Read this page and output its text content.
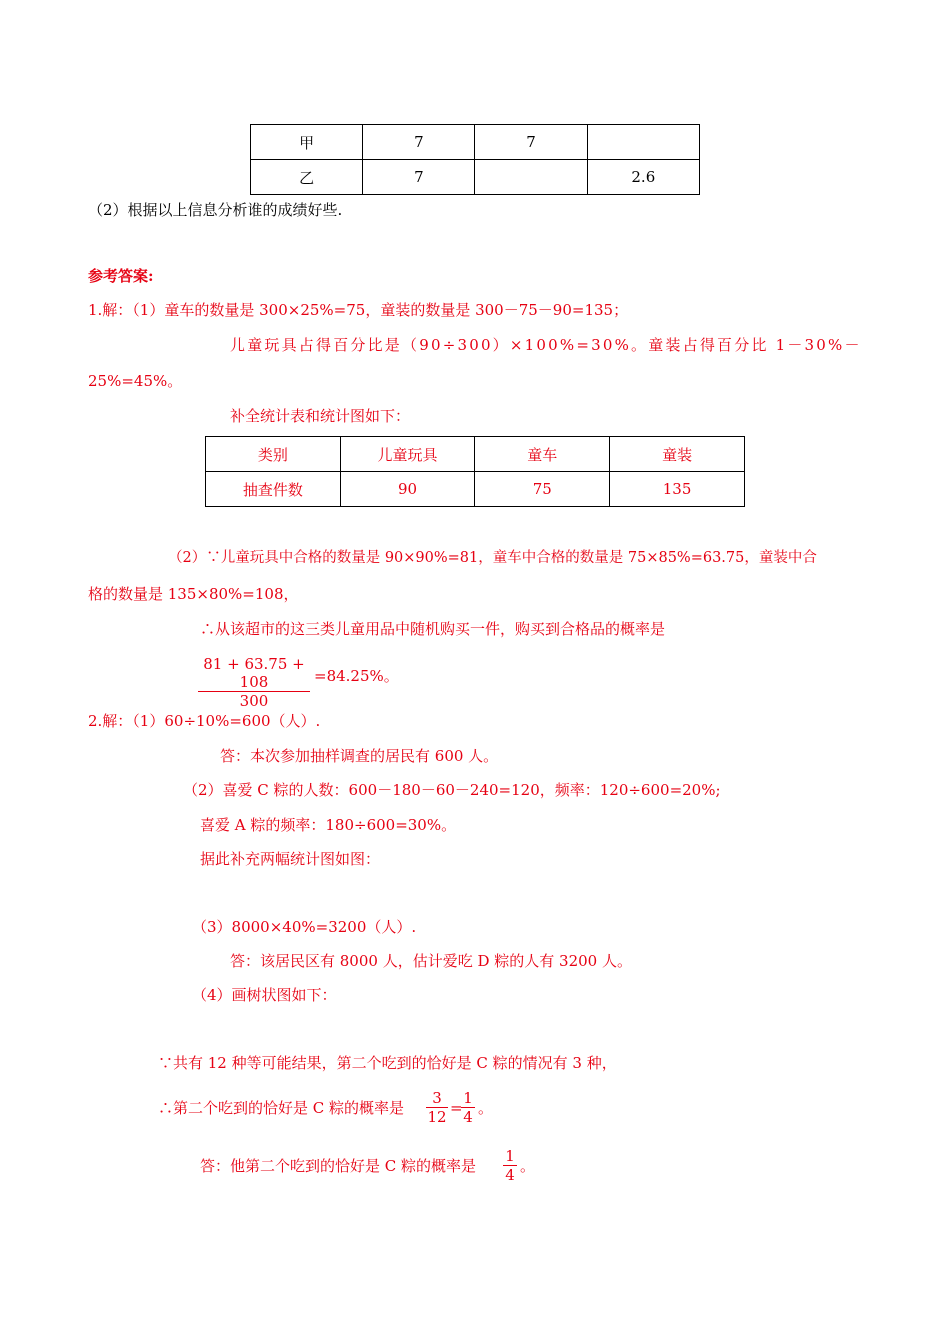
甲	7	7	
乙	7		2.6
（2）根据以上信息分析谁的成绩好些.
参考答案:
1.解：（1）童车的数量是 300×25%=75，童装的数量是 300－75－90=135；
儿童玩具占得百分比是（90÷300）×100%=30%。童装占得百分比 1－30%－
25%=45%。
补全统计表和统计图如下：
类别	儿童玩具	童车	童装
抽查件数	90	75	135
（2）∵儿童玩具中合格的数量是 90×90%=81，童车中合格的数量是 75×85%=63.75，童装中合
格的数量是 135×80%=108，
∴从该超市的这三类儿童用品中随机购买一件，购买到合格品的概率是
81 + 63.75 + 108
300
=84.25%。
2.解：（1）60÷10%=600（人）.
答：本次参加抽样调查的居民有 600 人。
（2）喜爱 C 粽的人数：600－180－60－240=120，频率：120÷600=20%;
喜爱 A 粽的频率：180÷600=30%。
据此补充两幅统计图如图：
（3）8000×40%=3200（人）.
答：该居民区有 8000 人，估计爱吃 D 粽的人有 3200 人。
（4）画树状图如下：
∵共有 12 种等可能结果，第二个吃到的恰好是 C 粽的情况有 3 种，
∴第二个吃到的恰好是 C 粽的概率是
3
12 =
1
4 。
答：他第二个吃到的恰好是 C 粽的概率是
1
4 。
